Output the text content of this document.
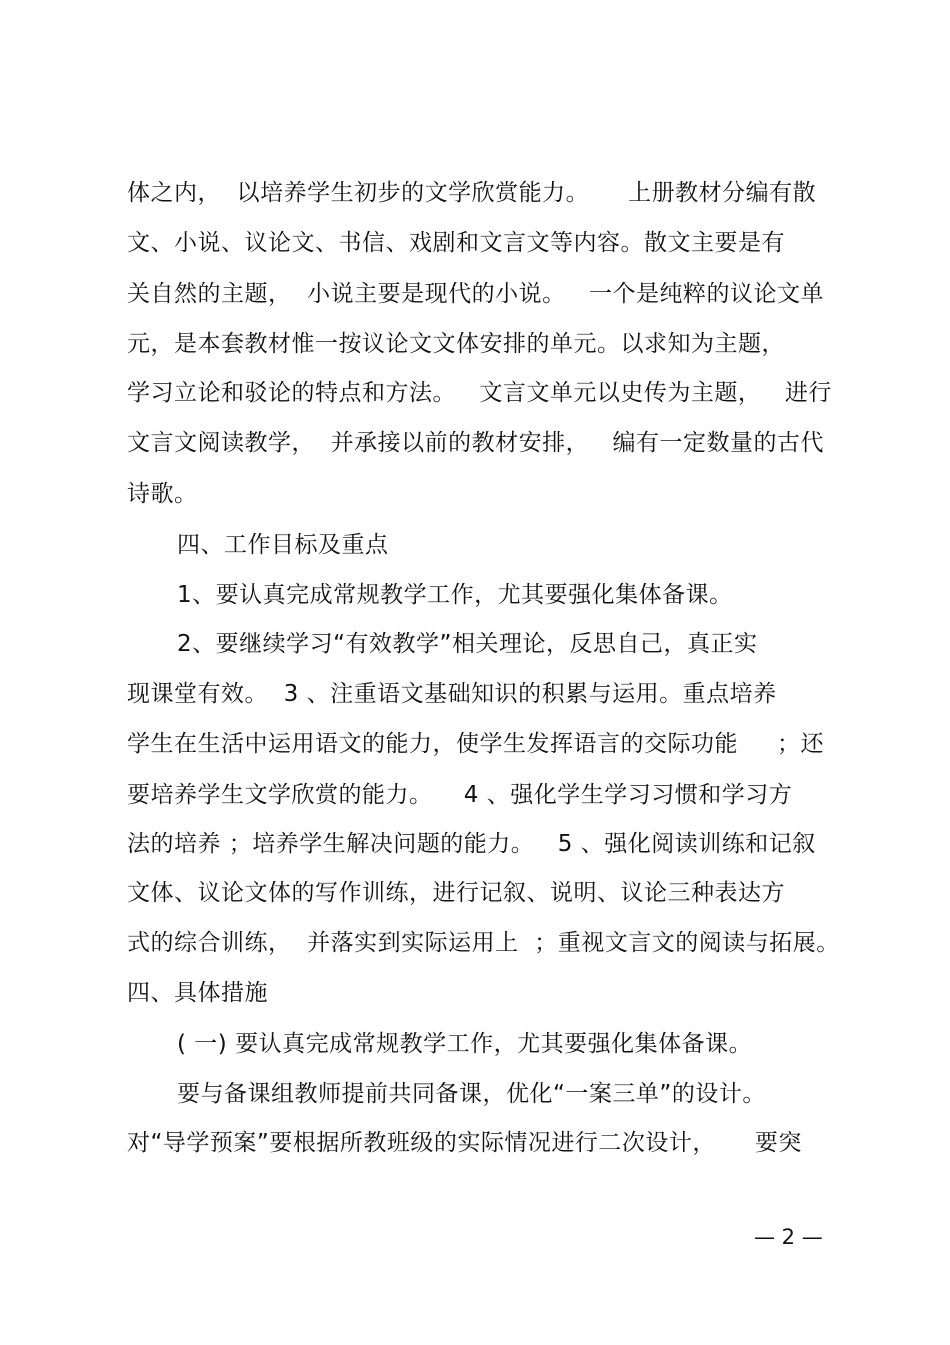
体之内，  以培养学生初步的文学欣赏能力。     上册教材分编有散
文、小说、议论文、书信、戏剧和文言文等内容。散文主要是有
关自然的主题，  小说主要是现代的小说。   一个是纯粹的议论文单
元，是本套教材惟一按议论文文体安排的单元。以求知为主题，
学习立论和驳论的特点和方法。   文言文单元以史传为主题，   进行
文言文阅读教学，  并承接以前的教材安排，   编有一定数量的古代
诗歌。
四、工作目标及重点
1、要认真完成常规教学工作，尤其要强化集体备课。
2、要继续学习“有效教学”相关理论，反思自己，真正实
现课堂有效。  3 、注重语文基础知识的积累与运用。重点培养
学生在生活中运用语文的能力，使学生发挥语言的交际功能     ；还
要培养学生文学欣赏的能力。    4 、强化学生学习习惯和学习方
法的培养 ；培养学生解决问题的能力。   5 、强化阅读训练和记叙
文体、议论文体的写作训练，进行记叙、说明、议论三种表达方
式的综合训练，  并落实到实际运用上  ；重视文言文的阅读与拓展。
四、具体措施
( 一) 要认真完成常规教学工作，尤其要强化集体备课。
要与备课组教师提前共同备课，优化“一案三单”的设计。
对“导学预案”要根据所教班级的实际情况进行二次设计，     要突
— 2 —
